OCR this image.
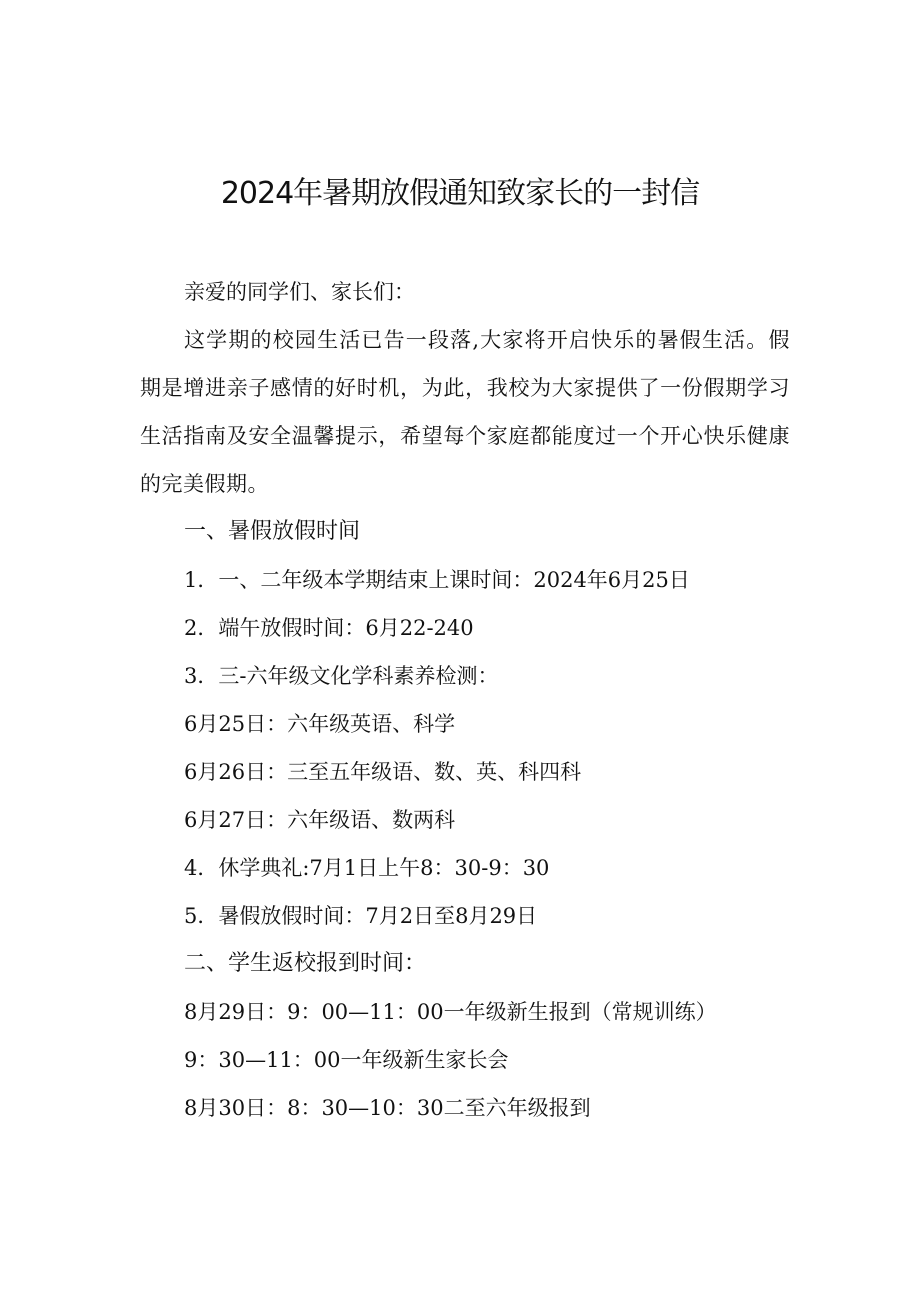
2024年暑期放假通知致家长的一封信

亲爱的同学们、家长们：

这学期的校园生活已告一段落,大家将开启快乐的暑假生活。假期是增进亲子感情的好时机，为此，我校为大家提供了一份假期学习生活指南及安全温馨提示，希望每个家庭都能度过一个开心快乐健康的完美假期。

一、暑假放假时间

1．一、二年级本学期结束上课时间：2024年6月25日

2．端午放假时间：6月22-240

3．三-六年级文化学科素养检测：

6月25日：六年级英语、科学

6月26日：三至五年级语、数、英、科四科

6月27日：六年级语、数两科

4．休学典礼:7月1日上午8：30-9：30

5．暑假放假时间：7月2日至8月29日

二、学生返校报到时间：

8月29日：9：00—11：00一年级新生报到（常规训练）

9：30—11：00一年级新生家长会

8月30日：8：30—10：30二至六年级报到
